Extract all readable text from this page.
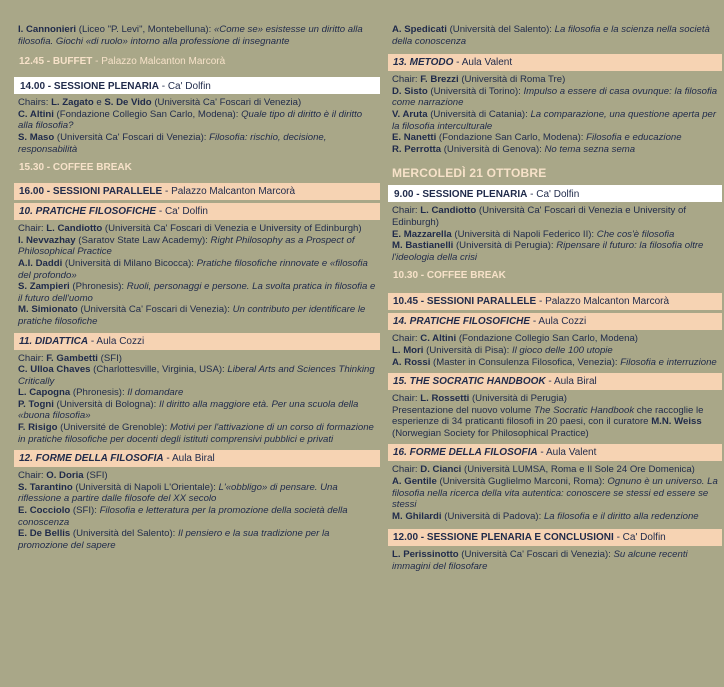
I. Cannonieri (Liceo "P. Levi", Montebelluna): «Come se» esistesse un diritto alla filosofia. Giochi «di ruolo» intorno alla professione di insegnante

12.45 - BUFFET - Palazzo Malcanton Marcorà
14.00 - SESSIONE PLENARIA - Ca' Dolfin

Chairs: L. Zagato e S. De Vido (Università Ca' Foscari di Venezia)

C. Altini (Fondazione Collegio San Carlo, Modena): Quale tipo di diritto è il diritto alla filosofia?

S. Maso (Università Ca' Foscari di Venezia): Filosofia: rischio, decisione, responsabilità

15.30 - COFFEE BREAK
16.00 - SESSIONI PARALLELE - Palazzo Malcanton Marcorà
10. PRATICHE FILOSOFICHE - Ca' Dolfin

Chair: L. Candiotto (Università Ca' Foscari di Venezia e University of Edinburgh)

I. Nevvazhay (Saratov State Law Academy): Right Philosophy as a Prospect of Philosophical Practice

A.I. Daddi (Università di Milano Bicocca): Pratiche filosofiche rinnovate e «filosofia del profondo»

S. Zampieri (Phronesis): Ruoli, personaggi e persone. La svolta pratica in filosofia e il futuro dell'uomo

M. Simionato (Università Ca' Foscari di Venezia): Un contributo per identificare le pratiche filosofiche

11. DIDATTICA - Aula Cozzi

Chair: F. Gambetti (SFI)

C. Ulloa Chaves (Charlottesville, Virginia, USA): Liberal Arts and Sciences Thinking Critically

L. Capogna (Phronesis): Il domandare

P. Togni (Università di Bologna): Il diritto alla maggiore età. Per una scuola della «buona filosofia»

F. Risigo (Université de Grenoble): Motivi per l'attivazione di un corso di formazione in pratiche filosofiche per docenti degli istituti comprensivi pubblici e privati

12. FORME DELLA FILOSOFIA - Aula Biral

Chair: O. Doria (SFI)

S. Tarantino (Università di Napoli L'Orientale): L'«obbligo» di pensare. Una riflessione a partire dalle filosofe del XX secolo

E. Cocciolo (SFI): Filosofia e letteratura per la promozione della società della conoscenza

E. De Bellis (Università del Salento): Il pensiero e la sua tradizione per la promozione del sapere

A. Spedicati (Università del Salento): La filosofia e la scienza nella società della conoscenza

13. METODO - Aula Valent

Chair: F. Brezzi (Università di Roma Tre)

D. Sisto (Università di Torino): Impulso a essere di casa ovunque: la filosofia come narrazione

V. Aruta (Università di Catania): La comparazione, una questione aperta per la filosofia interculturale

E. Nanetti (Fondazione San Carlo, Modena): Filosofia e educazione

R. Perrotta (Università di Genova): No tema sezna sema

MERCOLEDÌ 21 OTTOBRE
9.00 - SESSIONE PLENARIA - Ca' Dolfin

Chair: L. Candiotto (Università Ca' Foscari di Venezia e University of Edinburgh)

E. Mazzarella (Università di Napoli Federico II): Che cos'è filosofia

M. Bastianelli (Università di Perugia): Ripensare il futuro: la filosofia oltre l'ideologia della crisi

10.30 - COFFEE BREAK
10.45 - SESSIONI PARALLELE - Palazzo Malcanton Marcorà
14. PRATICHE FILOSOFICHE - Aula Cozzi

Chair: C. Altini (Fondazione Collegio San Carlo, Modena)

L. Mori (Università di Pisa): Il gioco delle 100 utopie

A. Rossi (Master in Consulenza Filosofica, Venezia): Filosofia e interruzione

15. THE SOCRATIC HANDBOOK - Aula Biral

Chair: L. Rossetti (Università di Perugia)

Presentazione del nuovo volume The Socratic Handbook che raccoglie le esperienze di 34 praticanti filosofi in 20 paesi, con il curatore M.N. Weiss (Norwegian Society for Philosophical Practice)

16. FORME DELLA FILOSOFIA - Aula Valent

Chair: D. Cianci (Università LUMSA, Roma e Il Sole 24 Ore Domenica)

A. Gentile (Università Guglielmo Marconi, Roma): Ognuno è un universo. La filosofia nella ricerca della vita autentica: conoscere se stessi ed essere se stessi

M. Ghilardi (Università di Padova): La filosofia e il diritto alla redenzione

12.00 - SESSIONE PLENARIA E CONCLUSIONI - Ca' Dolfin

L. Perissinotto (Università Ca' Foscari di Venezia): Su alcune recenti immagini del filosofare
